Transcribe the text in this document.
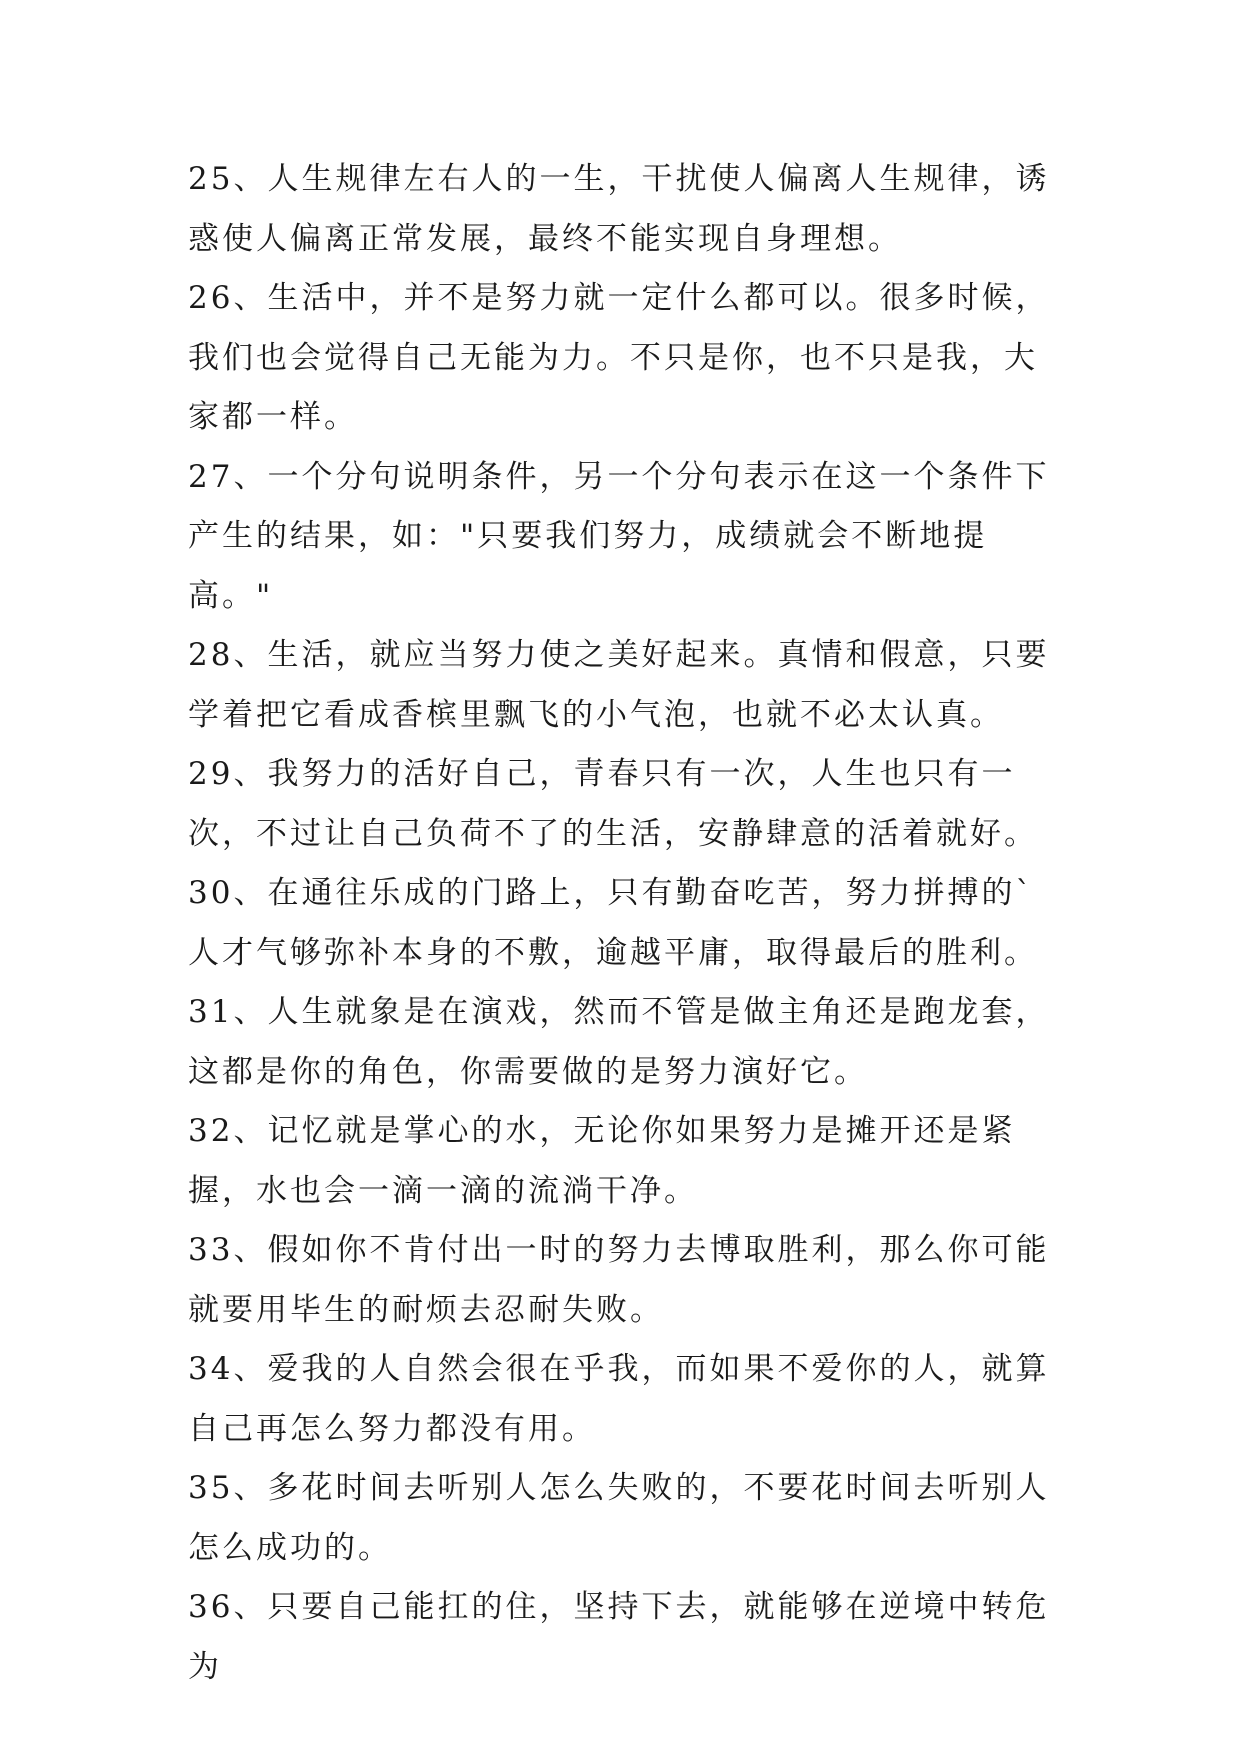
25、人生规律左右人的一生，干扰使人偏离人生规律，诱惑使人偏离正常发展，最终不能实现自身理想。

26、生活中，并不是努力就一定什么都可以。很多时候，我们也会觉得自己无能为力。不只是你，也不只是我，大家都一样。

27、一个分句说明条件，另一个分句表示在这一个条件下产生的结果，如："只要我们努力，成绩就会不断地提高。"

28、生活，就应当努力使之美好起来。真情和假意，只要学着把它看成香槟里飘飞的小气泡，也就不必太认真。

29、我努力的活好自己，青春只有一次，人生也只有一次，不过让自己负荷不了的生活，安静肆意的活着就好。

30、在通往乐成的门路上，只有勤奋吃苦，努力拼搏的`人才气够弥补本身的不敷，逾越平庸，取得最后的胜利。

31、人生就象是在演戏，然而不管是做主角还是跑龙套，这都是你的角色，你需要做的是努力演好它。

32、记忆就是掌心的水，无论你如果努力是摊开还是紧握，水也会一滴一滴的流淌干净。

33、假如你不肯付出一时的努力去博取胜利，那么你可能就要用毕生的耐烦去忍耐失败。

34、爱我的人自然会很在乎我，而如果不爱你的人，就算自己再怎么努力都没有用。

35、多花时间去听别人怎么失败的，不要花时间去听别人怎么成功的。

36、只要自己能扛的住，坚持下去，就能够在逆境中转危为
